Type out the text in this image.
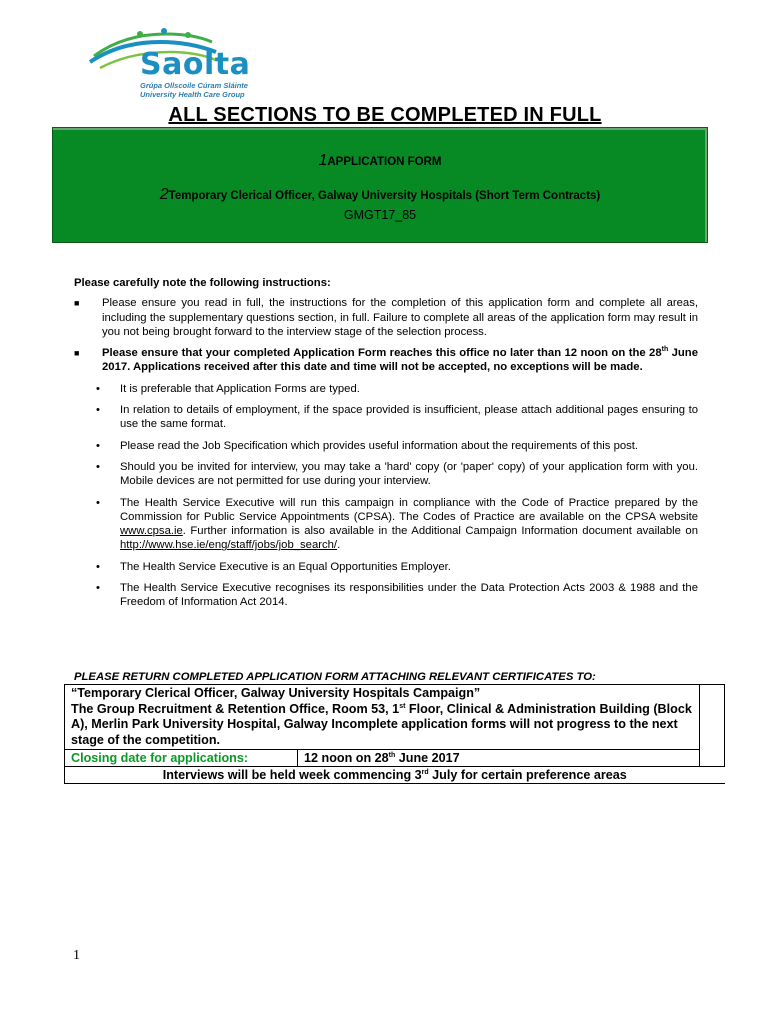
Saolta
Grúpa Ollscoile Cúram Sláinte
University Health Care Group
ALL SECTIONS TO BE COMPLETED IN FULL
1APPLICATION FORM
2Temporary Clerical Officer, Galway University Hospitals (Short Term Contracts)
GMGT17_85
Please carefully note the following instructions:
■ Please ensure you read in full, the instructions for the completion of this application form and complete all areas, including the supplementary questions section, in full. Failure to complete all areas of the application form may result in you not being brought forward to the interview stage of the selection process.
■ Please ensure that your completed Application Form reaches this office no later than 12 noon on the 28th June 2017. Applications received after this date and time will not be accepted, no exceptions will be made.
• It is preferable that Application Forms are typed.
• In relation to details of employment, if the space provided is insufficient, please attach additional pages ensuring to use the same format.
• Please read the Job Specification which provides useful information about the requirements of this post.
• Should you be invited for interview, you may take a 'hard' copy (or 'paper' copy) of your application form with you. Mobile devices are not permitted for use during your interview.
• The Health Service Executive will run this campaign in compliance with the Code of Practice prepared by the Commission for Public Service Appointments (CPSA). The Codes of Practice are available on the CPSA website www.cpsa.ie. Further information is also available in the Additional Campaign Information document available on http://www.hse.ie/eng/staff/jobs/job_search/.
• The Health Service Executive is an Equal Opportunities Employer.
• The Health Service Executive recognises its responsibilities under the Data Protection Acts 2003 & 1988 and the Freedom of Information Act 2014.
PLEASE RETURN COMPLETED APPLICATION FORM ATTACHING RELEVANT CERTIFICATES TO:
“Temporary Clerical Officer, Galway University Hospitals Campaign”
The Group Recruitment & Retention Office, Room 53, 1st Floor, Clinical & Administration Building (Block A), Merlin Park University Hospital, Galway Incomplete application forms will not progress to the next stage of the competition.		

Closing date for applications:	12 noon on 28th June 2017	
Interviews will be held week commencing 3rd July for certain preference areas		
1
